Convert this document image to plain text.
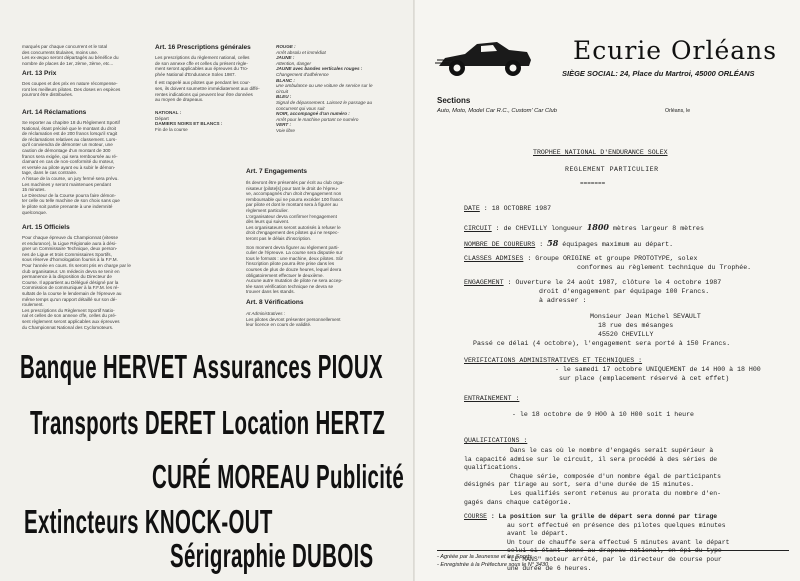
marqués par chaque concurrent et le total
des concurrents titulaires, moins une.
Les ex-æquo seront départagés au bénéfice du
nombre de places de 1er, 2ème, 3ème, etc...
Art. 13 Prix
Des coupes et des prix en nature récompense-
ront les meilleurs pilotes. Des doses en espèces
pourront être distribuées.
Art. 14 Réclamations
Se reporter au chapitre 18 du Règlement Sportif
National, étant précisé que le montant du droit
de réclamation est de 200 francs lorsqu'il s'agit
de réclamations relatives au classement. Lors-
qu'il conviendra de démonter un moteur, une
caution de démontage d'un montant de 300
francs sera exigée, qui sera remboursée au ré-
clamant en cas de non-conformité du moteur,
et versée au pilote ayant eu à subir le démon-
tage, dans le cas contraire.
A l'issue de la course, un jury fermé sera prévu.
Les machines y seront maintenues pendant
15 minutes.
Le Directeur de la Course pourra faire démon-
ter celle ou telle machine de son choix sans que
le pilote soit partie prenante à une indemnité
quelconque.
Art. 15 Officiels
Pour chaque épreuve du Championnat (vitesse
et endurance), la Ligue Régionale aura à dési-
gner un Commissaire Technique, deux person-
nes de Ligue et trois Commissaires Sportifs,
sous réserve d'homologation fournis à la F.F.M.
Pour l'année en cours. Ils seront pris en charge par le
club organisateur. Un médecin devra se tenir en
permanence à la disposition du Directeur de
Course. Il appartient au Délégué désigné par la
Commission de communiquer à la F.F.M. les ré-
sultats de la course le lendemain de l'épreuve au
même temps qu'un rapport détaillé sur son dé-
roulement.
Les prescriptions du Règlement Sportif Natio-
nal et celles de son annexe cffe, celles du pré-
sent règlement seront applicables aux épreuves
du Championnat National des Cyclomoteurs.
Art. 16 Prescriptions générales
Les prescriptions du règlement national, celles
de son annexe cffe et celles du présent règle-
ment seront applicables aux épreuves du Tro-
phée National d'Endurance Solex 1987.
Il est rappelé aux pilotes que pendant les cour-
ses, ils doivent soumettre immédiatement aux diffé-
rentes indications qui peuvent leur être données
au moyen de drapeaux.
NATIONAL :
Départ
DAMIERS NOIRS ET BLANCS :
Fin de la course
ROUGE :
Arrêt absolu et immédiat
JAUNE :
Attention, danger
JAUNE avec bandes verticales rouges :
Changement d'adhérence
BLANC :
une ambulance ou une voiture de service sur le
circuit
BLEU :
Signal de dépassement. Laissez le passage au
concurrent qui vous suit
NOIR, accompagné d'un numéro :
Arrêt pour le machine portant ce numéro
VERT :
Voie libre
Art. 7 Engagements
Ils devront être présentés par écrit au club orga-
nisateur (pilote[s] pour tant le droit de l'épreu-
ve, accompagnés d'un droit d'engagement non
remboursable qui ne pourra excéder 100 francs
par pilote et dont le montant sera à figurer au
règlement particulier.
L'organisateur devra confirmer l'engagement
dès leurs qui suivent.
Les organisateurs seront autorisés à refuser le
droit d'engagement des pilotes qui ne respec-
teront pas le délais d'inscription.
Son moment devra figurer au règlement parti-
culier de l'épreuve. La course sera disputée sur
tous le formats : une machine, deux pilotes. Sûr
l'inscription pilote pourra être prise dans les
courses de plus de douze heures, lequel devra
obligatoirement effectuer le deuxième.
Aucune autre mutation de pilote ne sera accep-
tée sans vérification technique ne devra se
trouver dans les stands.
Art. 8 Vérifications
At Administratives :
Les pilotes devront présenter personnellement
leur licence en cours de validité.
Banque HERVET Assurances PIOUX
Transports DERET Location HERTZ
CURÉ MOREAU Publicité
Extincteurs KNOCK-OUT
Sérigraphie DUBOIS
Ecurie Orléans
SIÈGE SOCIAL: 24, Place du Martroi, 45000 ORLÉANS
Sections
Auto, Moto, Model Car R.C., Custom' Car Club	Orléans, le
TROPHEE NATIONAL D'ENDURANCE SOLEX
REGLEMENT PARTICULIER
=======
DATE : 18 OCTOBRE 1987
CIRCUIT : de CHEVILLY longueur 1800 mètres largeur 8 mètres
NOMBRE DE COUREURS : 58 équipages maximum au départ.
CLASSES ADMISES : Groupe ORIGINE et groupe PROTOTYPE, solex
conformes au règlement technique du Trophée.
ENGAGEMENT : Ouverture le 24 août 1987, clôture le 4 octobre 1987
droit d'engagement par équipage 100 Francs.
à adresser :
Monsieur Jean Michel SEVAULT
18 rue des mésanges
45520 CHEVILLY
Passé ce délai (4 octobre), l'engagement sera porté à 150 Francs.
VERIFICATIONS ADMINISTRATIVES ET TECHNIQUES :
- le samedi 17 octobre UNIQUEMENT de 14 H00 à 18 H00
sur place (emplacement réservé à cet effet)
ENTRAINEMENT :
- le 18 octobre de 9 H00 à 10 H00 soit 1 heure
QUALIFICATIONS :
Dans le cas où le nombre d'engagés serait supérieur à
la capacité admise sur le circuit, il sera procédé à des séries de
qualifications.
Chaque série, composée d'un nombre égal de participants
désignés par tirage au sort, sera d'une durée de 15 minutes.
Les qualifiés seront retenus au prorata du nombre d'en-
gagés dans chaque catégorie.
COURSE : La position sur la grille de départ sera donné par tirage
au sort effectué en présence des pilotes quelques minutes
avant le départ.
Un tour de chauffe sera effectué 5 minutes avant le départ
"LE MANS" moteur arrêté, par le directeur de course pour
une durée de 6 heures.
- Agréée par la Jeunesse et les Sports
- Enregistrée à la Préfecture sous le N° 3430
